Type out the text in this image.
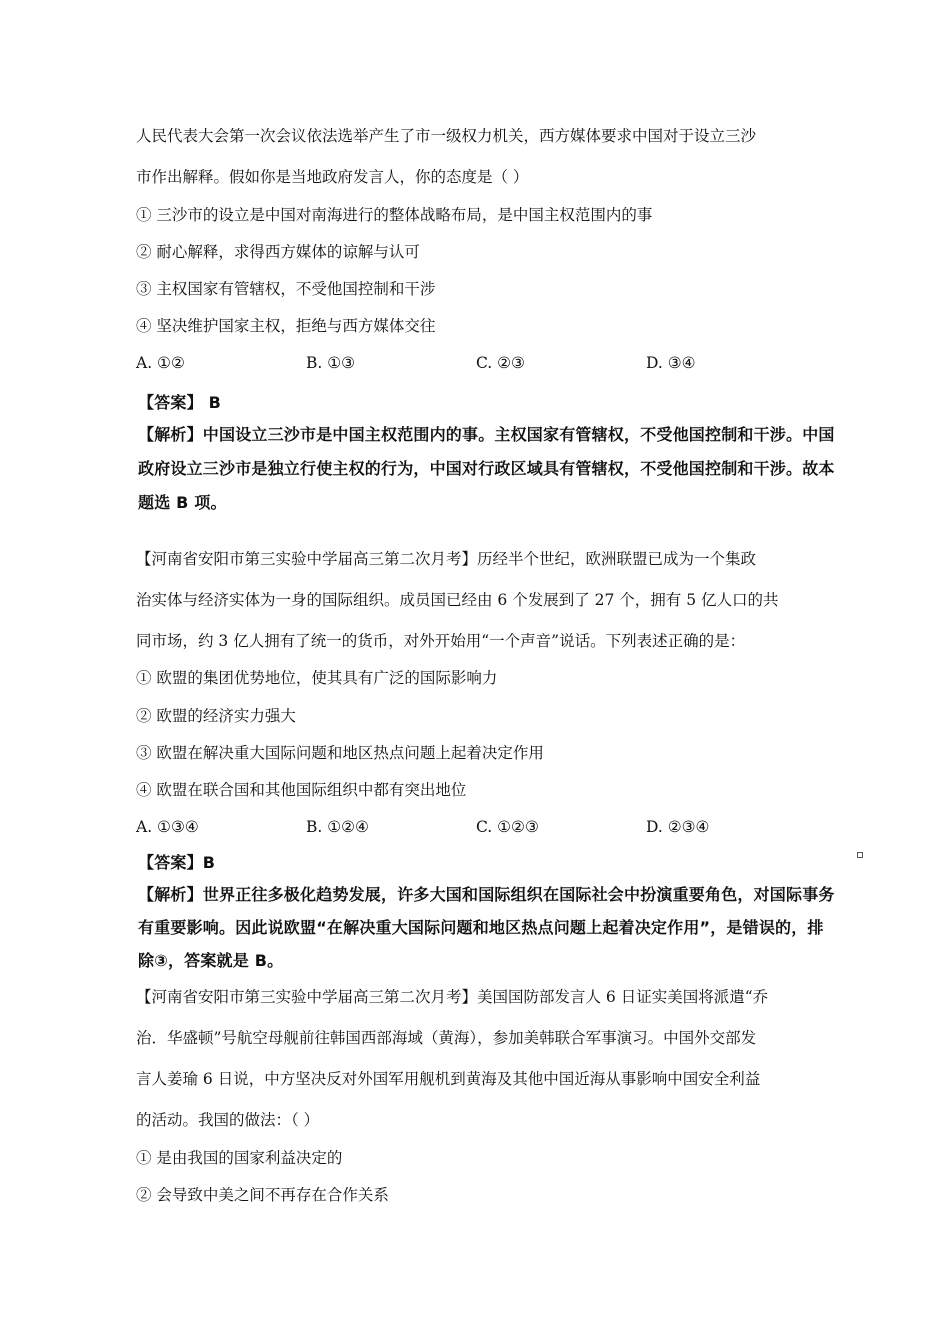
人民代表大会第一次会议依法选举产生了市一级权力机关，西方媒体要求中国对于设立三沙
市作出解释。假如你是当地政府发言人，你的态度是（ ）
① 三沙市的设立是中国对南海进行的整体战略布局，是中国主权范围内的事
② 耐心解释，求得西方媒体的谅解与认可
③ 主权国家有管辖权，不受他国控制和干涉
④ 坚决维护国家主权，拒绝与西方媒体交往
A. ①②	B. ①③	C. ②③	D. ③④
【答案】 B
【解析】中国设立三沙市是中国主权范围内的事。主权国家有管辖权，不受他国控制和干涉。中国
政府设立三沙市是独立行使主权的行为，中国对行政区域具有管辖权，不受他国控制和干涉。故本
题选 B 项。
【河南省安阳市第三实验中学届高三第二次月考】历经半个世纪，欧洲联盟已成为一个集政
治实体与经济实体为一身的国际组织。成员国已经由 6 个发展到了 27 个，拥有 5 亿人口的共
同市场，约 3 亿人拥有了统一的货币，对外开始用“一个声音”说话。下列表述正确的是：
① 欧盟的集团优势地位，使其具有广泛的国际影响力
② 欧盟的经济实力强大
③ 欧盟在解决重大国际问题和地区热点问题上起着决定作用
④ 欧盟在联合国和其他国际组织中都有突出地位
A. ①③④	B. ①②④	C. ①②③	D. ②③④
【答案】B
【解析】世界正往多极化趋势发展，许多大国和国际组织在国际社会中扮演重要角色，对国际事务
有重要影响。因此说欧盟“在解决重大国际问题和地区热点问题上起着决定作用”，是错误的，排
除③，答案就是 B。
【河南省安阳市第三实验中学届高三第二次月考】美国国防部发言人 6 日证实美国将派遣“乔
治．华盛顿”号航空母舰前往韩国西部海域（黄海），参加美韩联合军事演习。中国外交部发
言人姜瑜 6 日说，中方坚决反对外国军用舰机到黄海及其他中国近海从事影响中国安全利益
的活动。我国的做法：（ ）
① 是由我国的国家利益决定的
② 会导致中美之间不再存在合作关系
